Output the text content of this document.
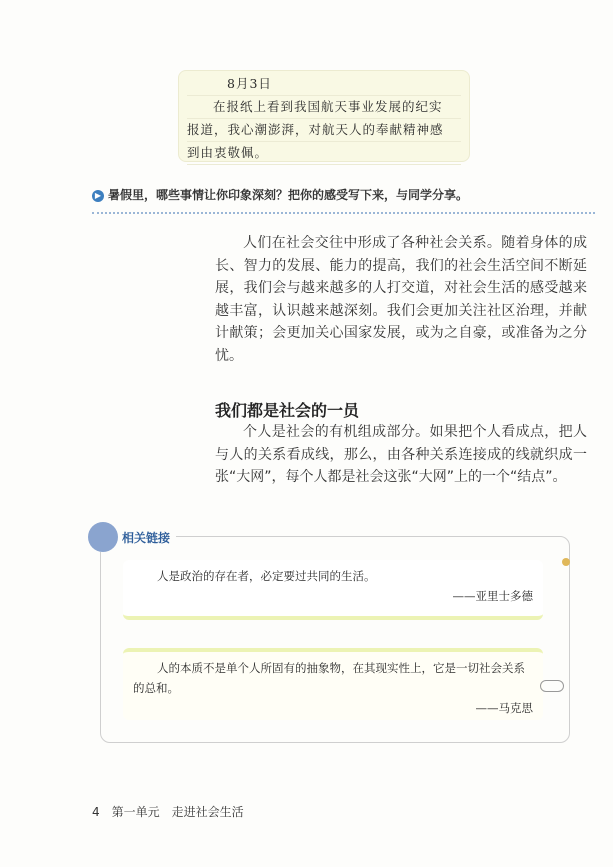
8月3日
在报纸上看到我国航天事业发展的纪实
报道，我心潮澎湃，对航天人的奉献精神感
到由衷敬佩。
▶ 暑假里，哪些事情让你印象深刻？把你的感受写下来，与同学分享。

人们在社会交往中形成了各种社会关系。随着身体的成长、智力的发展、能力的提高，我们的社会生活空间不断延展，我们会与越来越多的人打交道，对社会生活的感受越来越丰富，认识越来越深刻。我们会更加关注社区治理，并献计献策；会更加关心国家发展，或为之自豪，或准备为之分忧。

我们都是社会的一员

个人是社会的有机组成部分。如果把个人看成点，把人与人的关系看成线，那么，由各种关系连接成的线就织成一张“大网”，每个人都是社会这张“大网”上的一个“结点”。

相关链接
人是政治的存在者，必定要过共同的生活。
——亚里士多德
人的本质不是单个人所固有的抽象物，在其现实性上，它是一切社会关系的总和。
——马克思
4 第一单元 走进社会生活
